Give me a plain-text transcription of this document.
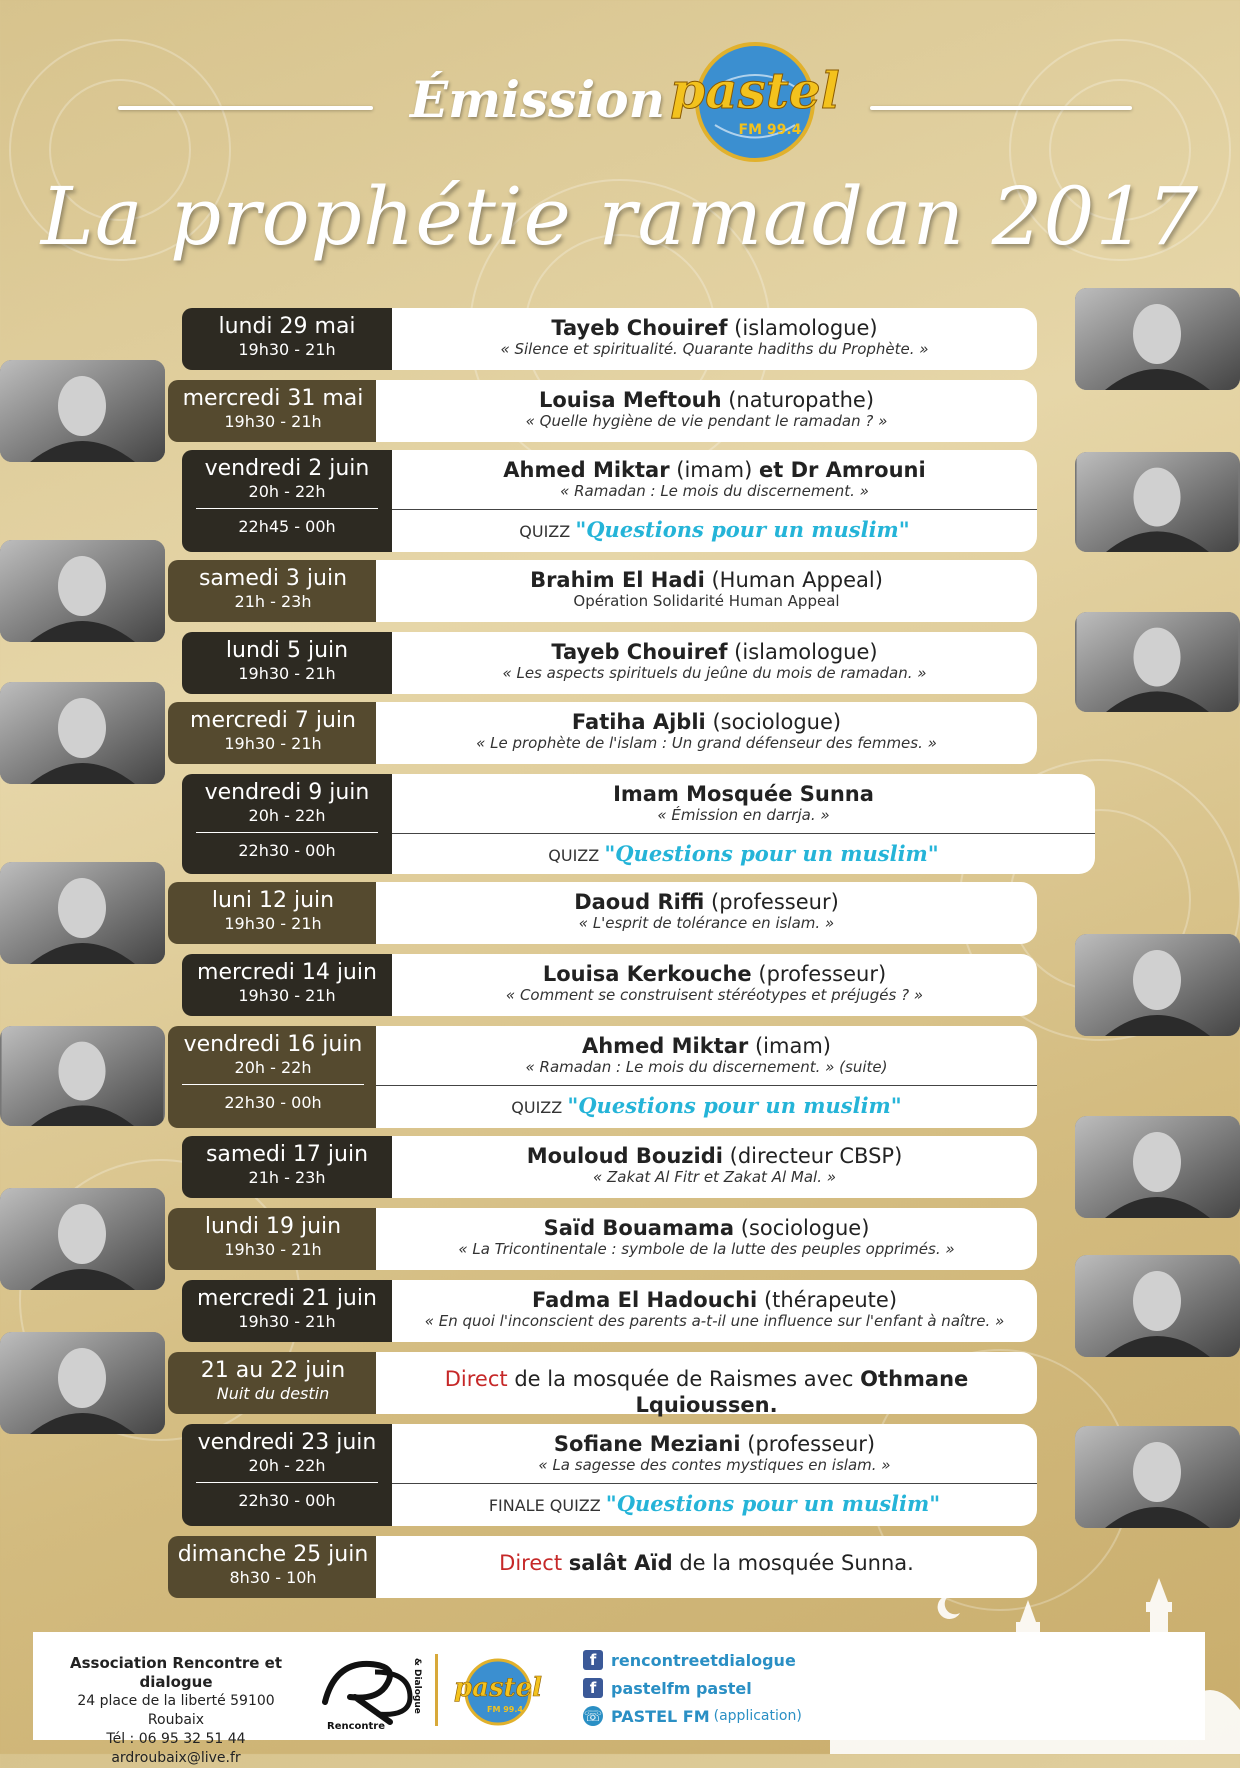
Émission pastel
FM 99.4
La prophétie ramadan 2017
lundi 29 mai
19h30 - 21h
Tayeb Chouiref (islamologue)
« Silence et spiritualité. Quarante hadiths du Prophète. »
mercredi 31 mai
19h30 - 21h
Louisa Meftouh (naturopathe)
« Quelle hygiène de vie pendant le ramadan ? »
vendredi 2 juin
20h - 22h
22h45 - 00h
Ahmed Miktar (imam) et Dr Amrouni
« Ramadan : Le mois du discernement. »
QUIZZ "Questions pour un muslim"
samedi 3 juin
21h - 23h
Brahim El Hadi (Human Appeal)
Opération Solidarité Human Appeal
lundi 5 juin
19h30 - 21h
Tayeb Chouiref (islamologue)
« Les aspects spirituels du jeûne du mois de ramadan. »
mercredi 7 juin
19h30 - 21h
Fatiha Ajbli (sociologue)
« Le prophète de l'islam : Un grand défenseur des femmes. »
vendredi 9 juin
20h - 22h
22h30 - 00h
Imam Mosquée Sunna
« Émission en darrja. »
QUIZZ "Questions pour un muslim"
luni 12 juin
19h30 - 21h
Daoud Riffi (professeur)
« L'esprit de tolérance en islam. »
mercredi 14 juin
19h30 - 21h
Louisa Kerkouche (professeur)
« Comment se construisent stéréotypes et préjugés ? »
vendredi 16 juin
20h - 22h
22h30 - 00h
Ahmed Miktar (imam)
« Ramadan : Le mois du discernement. » (suite)
QUIZZ "Questions pour un muslim"
samedi 17 juin
21h - 23h
Mouloud Bouzidi (directeur CBSP)
« Zakat Al Fitr et Zakat Al Mal. »
lundi 19 juin
19h30 - 21h
Saïd Bouamama (sociologue)
« La Tricontinentale : symbole de la lutte des peuples opprimés. »
mercredi 21 juin
19h30 - 21h
Fadma El Hadouchi (thérapeute)
« En quoi l'inconscient des parents a-t-il une influence sur l'enfant à naître. »
21 au 22 juin
Nuit du destin
Direct de la mosquée de Raismes avec Othmane Lquioussen.
vendredi 23 juin
20h - 22h
22h30 - 00h
Sofiane Meziani (professeur)
« La sagesse des contes mystiques en islam. »
FINALE QUIZZ "Questions pour un muslim"
dimanche 25 juin
8h30 - 10h
Direct salât Aïd de la mosquée Sunna.
Association Rencontre et dialogue
24 place de la liberté 59100 Roubaix
Tél : 06 95 32 51 44
ardroubaix@live.fr
Rencontre
& Dialogue pastel
FM 99.4
f rencontreetdialogue
f pastelfm pastel
☏ PASTEL FM (application)
